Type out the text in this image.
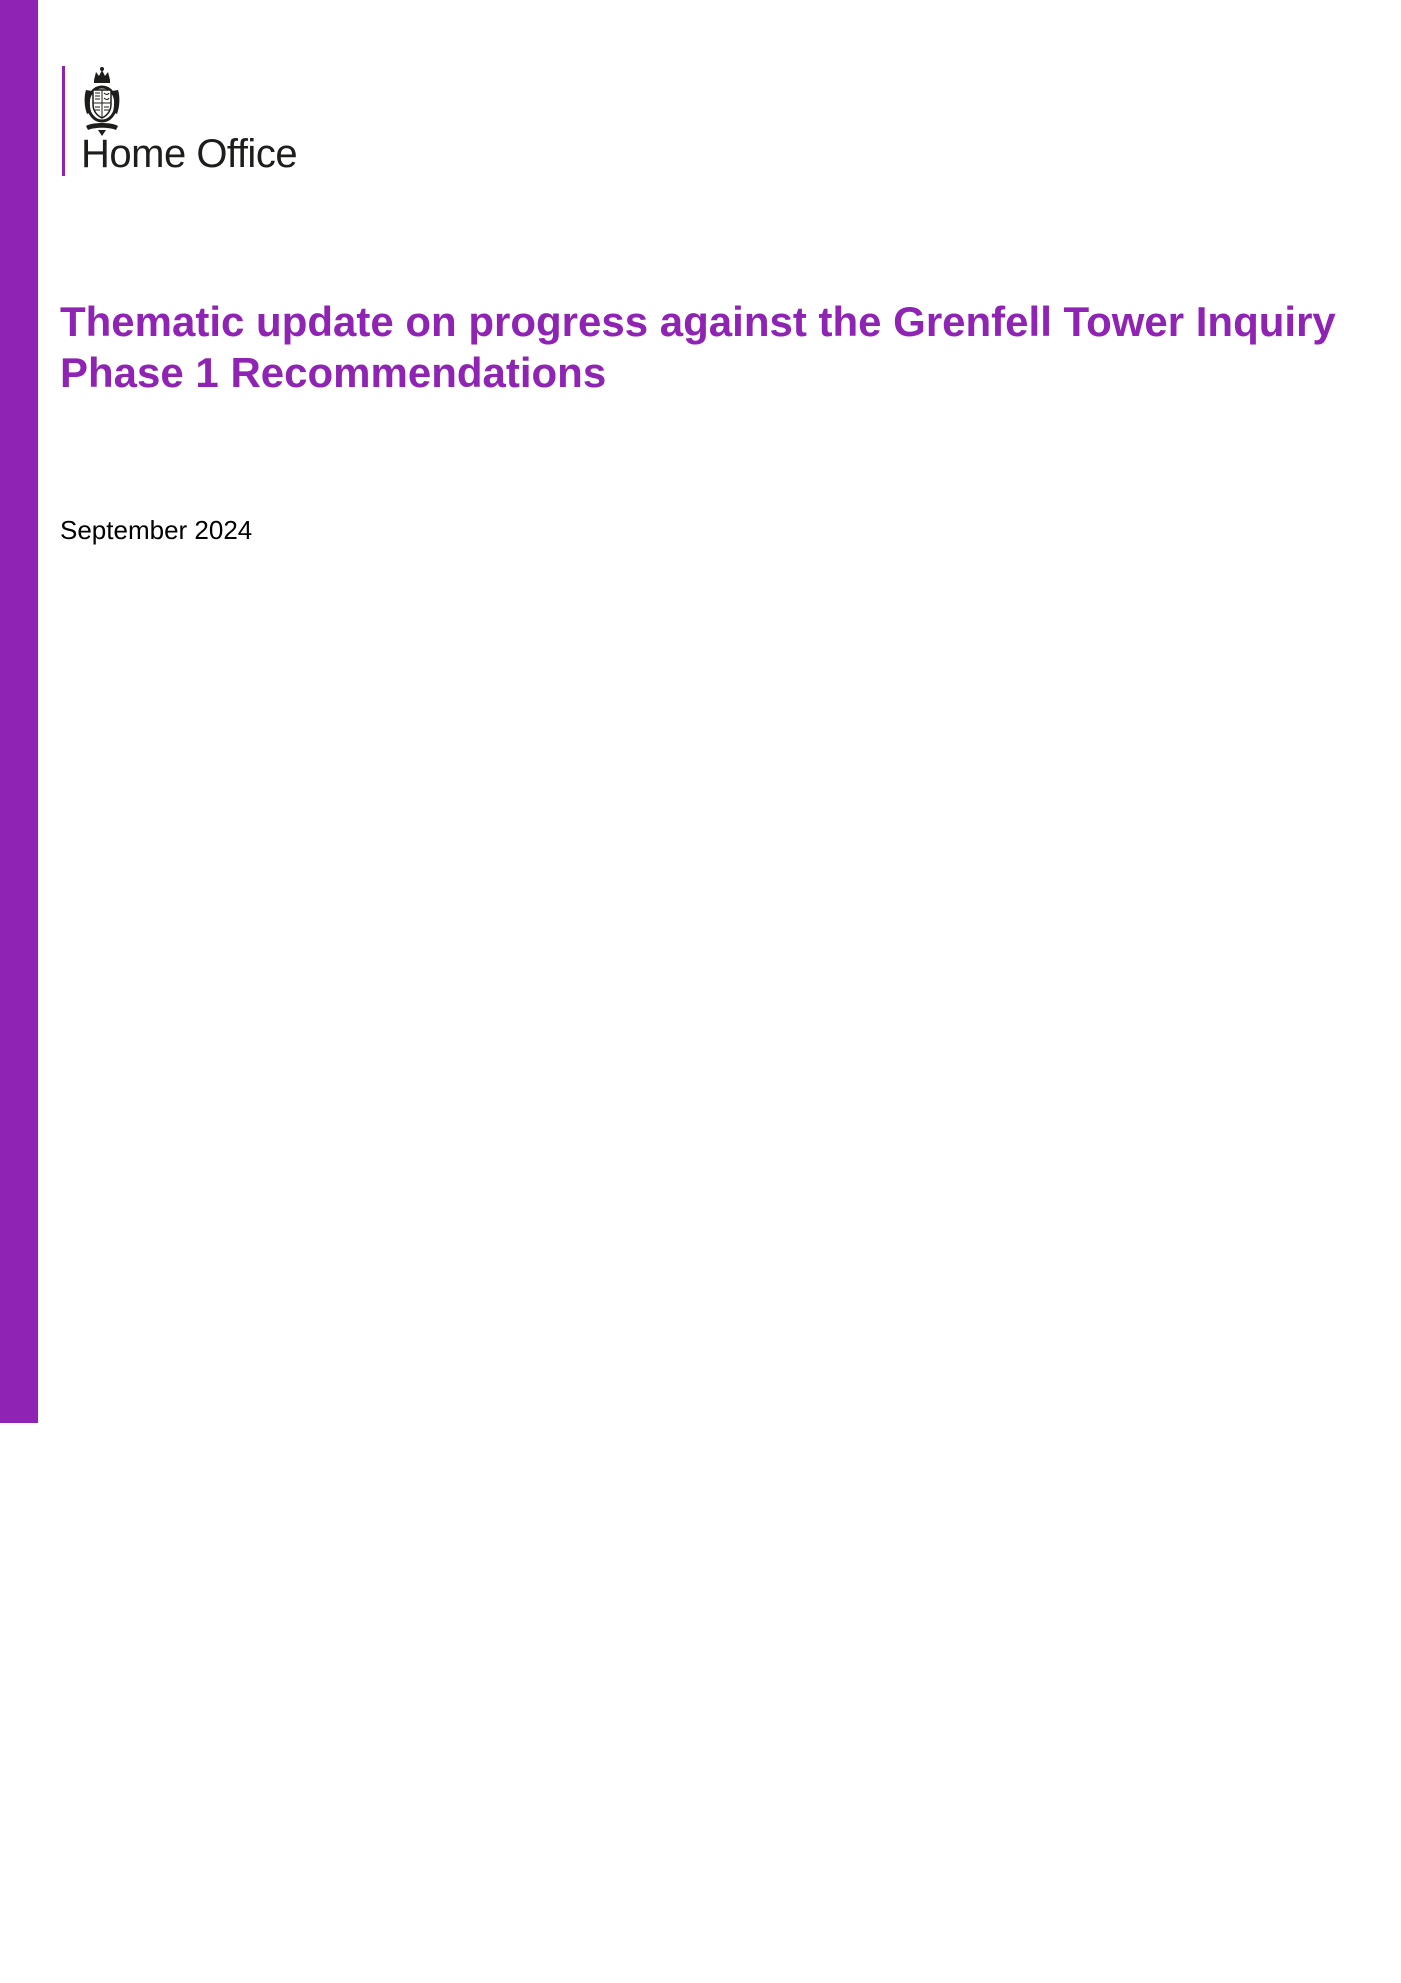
Home Office
Thematic update on progress against the Grenfell Tower Inquiry Phase 1 Recommendations
September 2024
